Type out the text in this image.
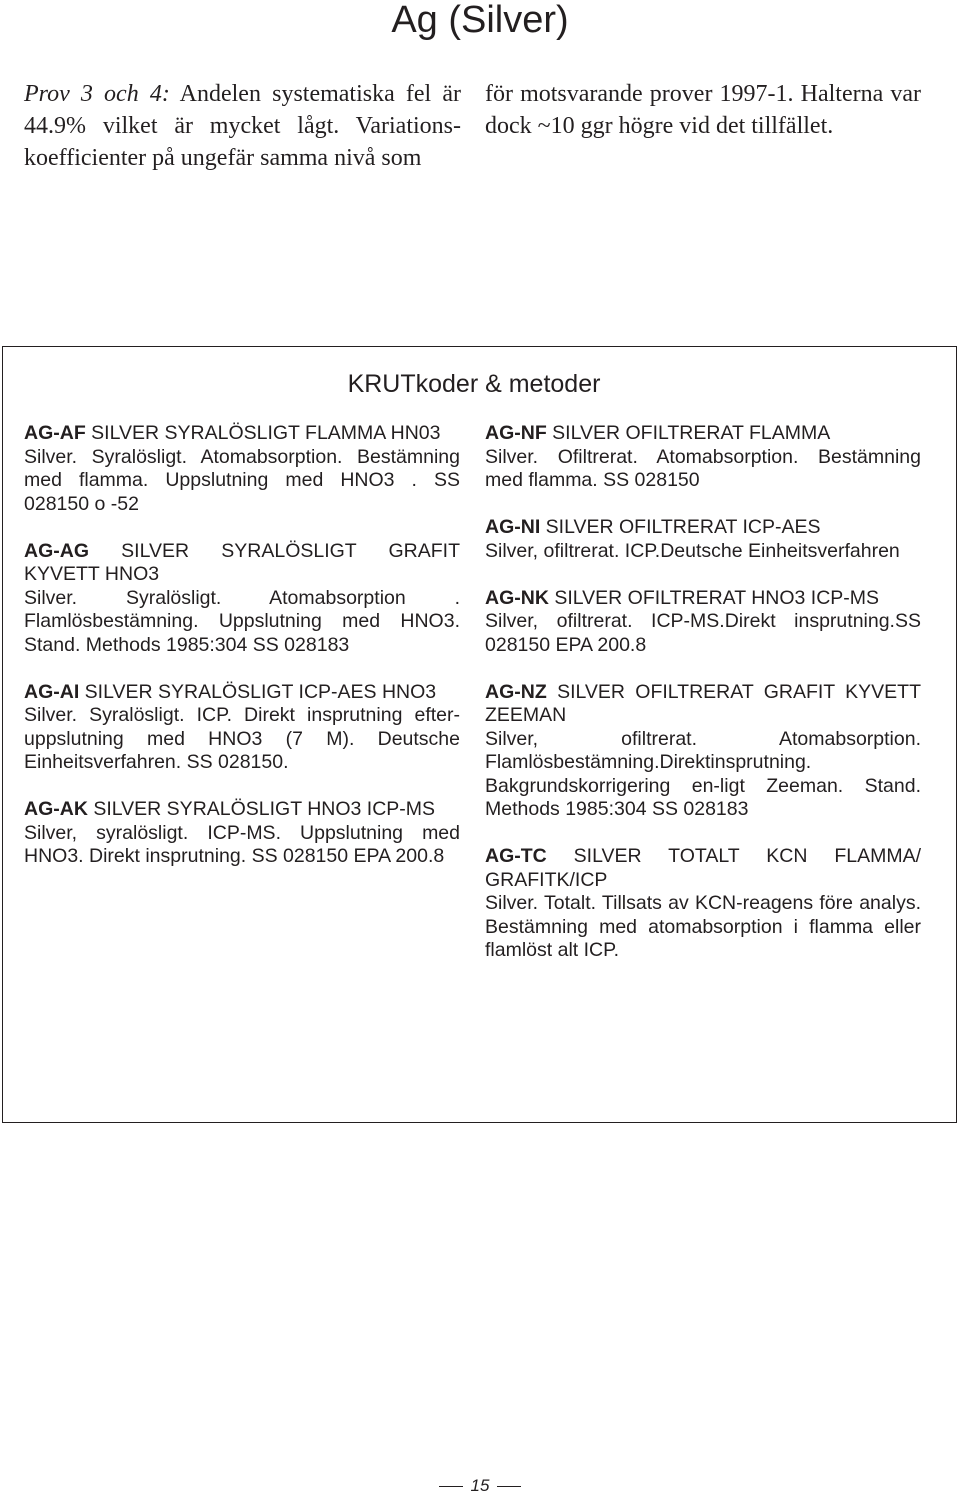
Ag (Silver)
Prov 3 och 4: Andelen systematiska fel är 44.9% vilket är mycket lågt. Variationskoefficienter på ungefär samma nivå som
för motsvarande prover 1997-1. Halterna var dock ~10 ggr högre vid det tillfället.
KRUTkoder & metoder

AG-AF SILVER SYRALÖSLIGT FLAMMA HN03

Silver. Syralösligt. Atomabsorption. Bestämning med flamma. Uppslutning med HNO3 . SS 028150 o -52

AG-AG SILVER SYRALÖSLIGT GRAFIT KYVETT HNO3

Silver. Syralösligt. Atomabsorption . Flamlösbestämning. Uppslutning med HNO3. Stand. Methods 1985:304 SS 028183

AG-AI SILVER SYRALÖSLIGT ICP-AES HNO3

Silver. Syralösligt. ICP. Direkt insprutning efteruppslutning med HNO3 (7 M). Deutsche Einheitsverfahren. SS 028150.

AG-AK SILVER SYRALÖSLIGT HNO3 ICP-MS

Silver, syralösligt. ICP-MS. Uppslutning med HNO3. Direkt insprutning. SS 028150 EPA 200.8

AG-NF SILVER OFILTRERAT FLAMMA

Silver. Ofiltrerat. Atomabsorption. Bestämning med flamma. SS 028150

AG-NI SILVER OFILTRERAT ICP-AES

Silver, ofiltrerat. ICP.Deutsche Einheitsverfahren

AG-NK SILVER OFILTRERAT HNO3 ICP-MS

Silver, ofiltrerat. ICP-MS.Direkt insprutning.SS 028150 EPA 200.8

AG-NZ SILVER OFILTRERAT GRAFIT KYVETT ZEEMAN

Silver, ofiltrerat. Atomabsorption. Flamlösbestämning.Direktinsprutning. Bakgrundskorrigering en-ligt Zeeman. Stand. Methods 1985:304 SS 028183

AG-TC SILVER TOTALT KCN FLAMMA/ GRAFITK/ICP

Silver. Totalt. Tillsats av KCN-reagens före analys. Bestämning med atomabsorption i flamma eller flamlöst alt ICP.

15
